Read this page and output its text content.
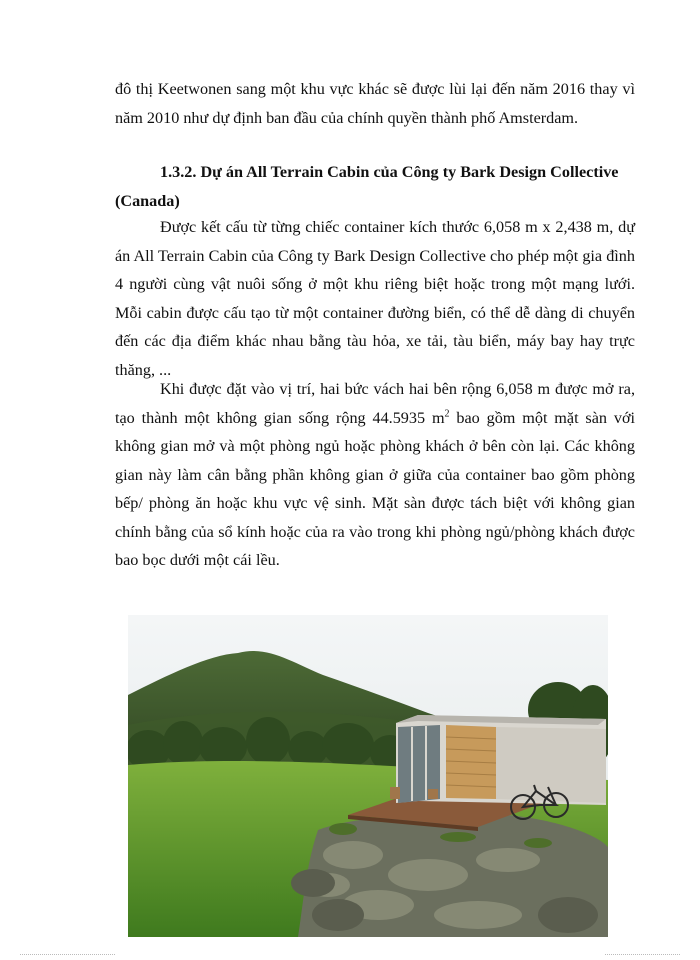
đô thị Keetwonen sang một khu vực khác sẽ được lùi lại đến năm 2016 thay vì năm 2010 như dự định ban đầu của chính quyền thành phố Amsterdam.
1.3.2. Dự án All Terrain Cabin của Công ty Bark Design Collective (Canada)
Được kết cấu từ từng chiếc container kích thước 6,058 m x 2,438 m, dự án All Terrain Cabin của Công ty Bark Design Collective cho phép một gia đình 4 người cùng vật nuôi sống ở một khu riêng biệt hoặc trong một mạng lưới. Mỗi cabin được cấu tạo từ một container đường biển, có thể dễ dàng di chuyển đến các địa điểm khác nhau bằng tàu hỏa, xe tải, tàu biển, máy bay hay trực thăng, ...
Khi được đặt vào vị trí, hai bức vách hai bên rộng 6,058 m được mở ra, tạo thành một không gian sống rộng 44.5935 $m^2$ bao gồm một mặt sàn với không gian mở và một phòng ngủ hoặc phòng khách ở bên còn lại. Các không gian này làm cân bằng phần không gian ở giữa của container bao gồm phòng bếp/ phòng ăn hoặc khu vực vệ sinh. Mặt sàn được tách biệt với không gian chính bằng của sổ kính hoặc của ra vào trong khi phòng ngủ/phòng khách được bao bọc dưới một cái lều.
